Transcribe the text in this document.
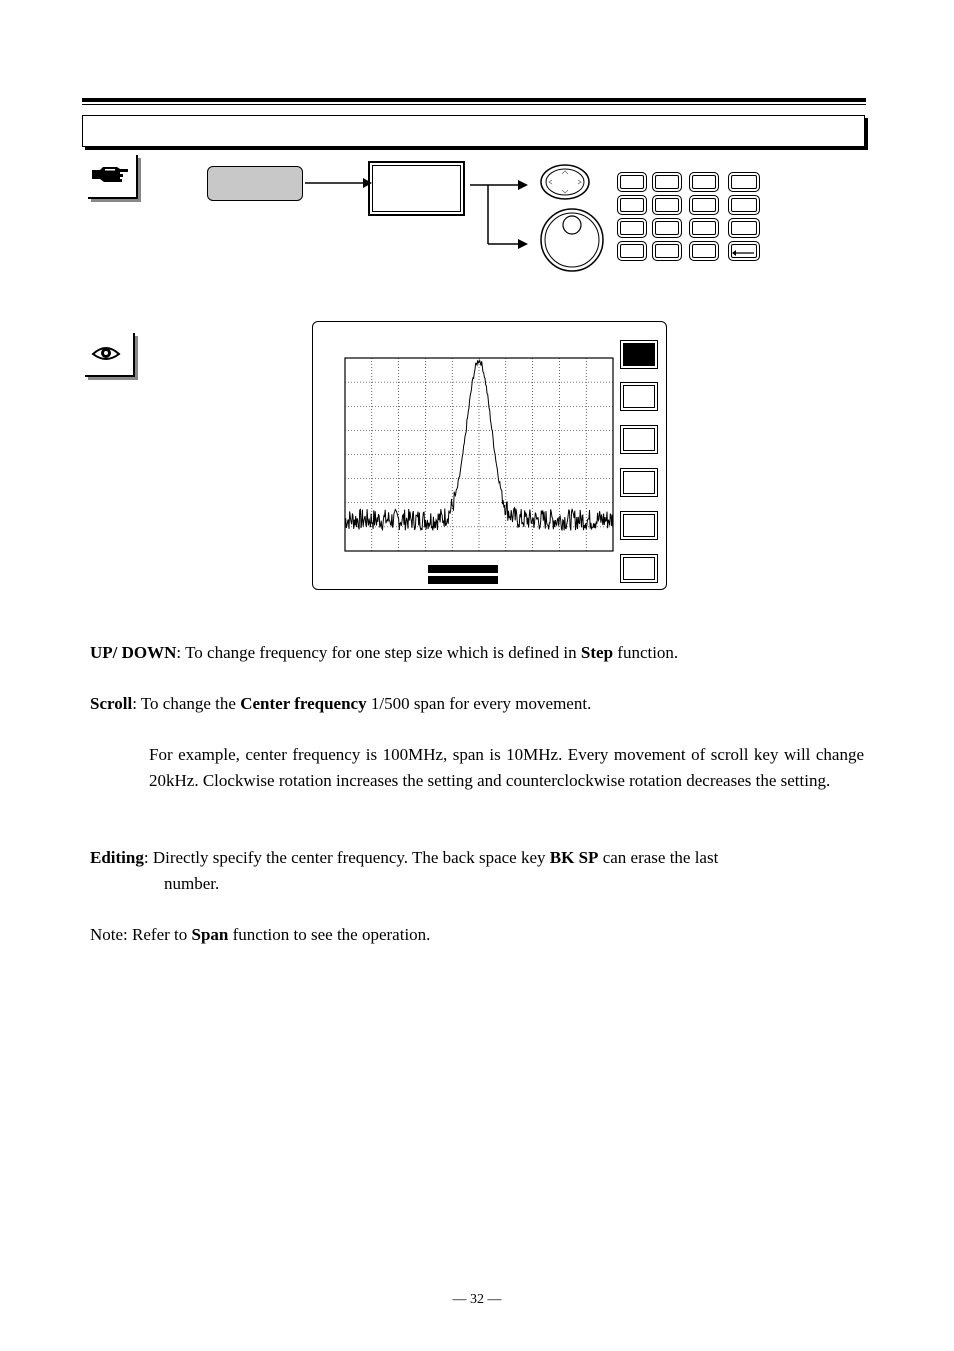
UP/ DOWN: To change frequency for one step size which is defined in Step function.
Scroll: To change the Center frequency 1/500 span for every movement.
For example, center frequency is 100MHz, span is 10MHz. Every movement of scroll key will change 20kHz. Clockwise rotation increases the setting and counterclockwise rotation decreases the setting.
Editing: Directly specify the center frequency. The back space key BK SP can erase the last
number.
Note: Refer to Span function to see the operation.
— 32 —
